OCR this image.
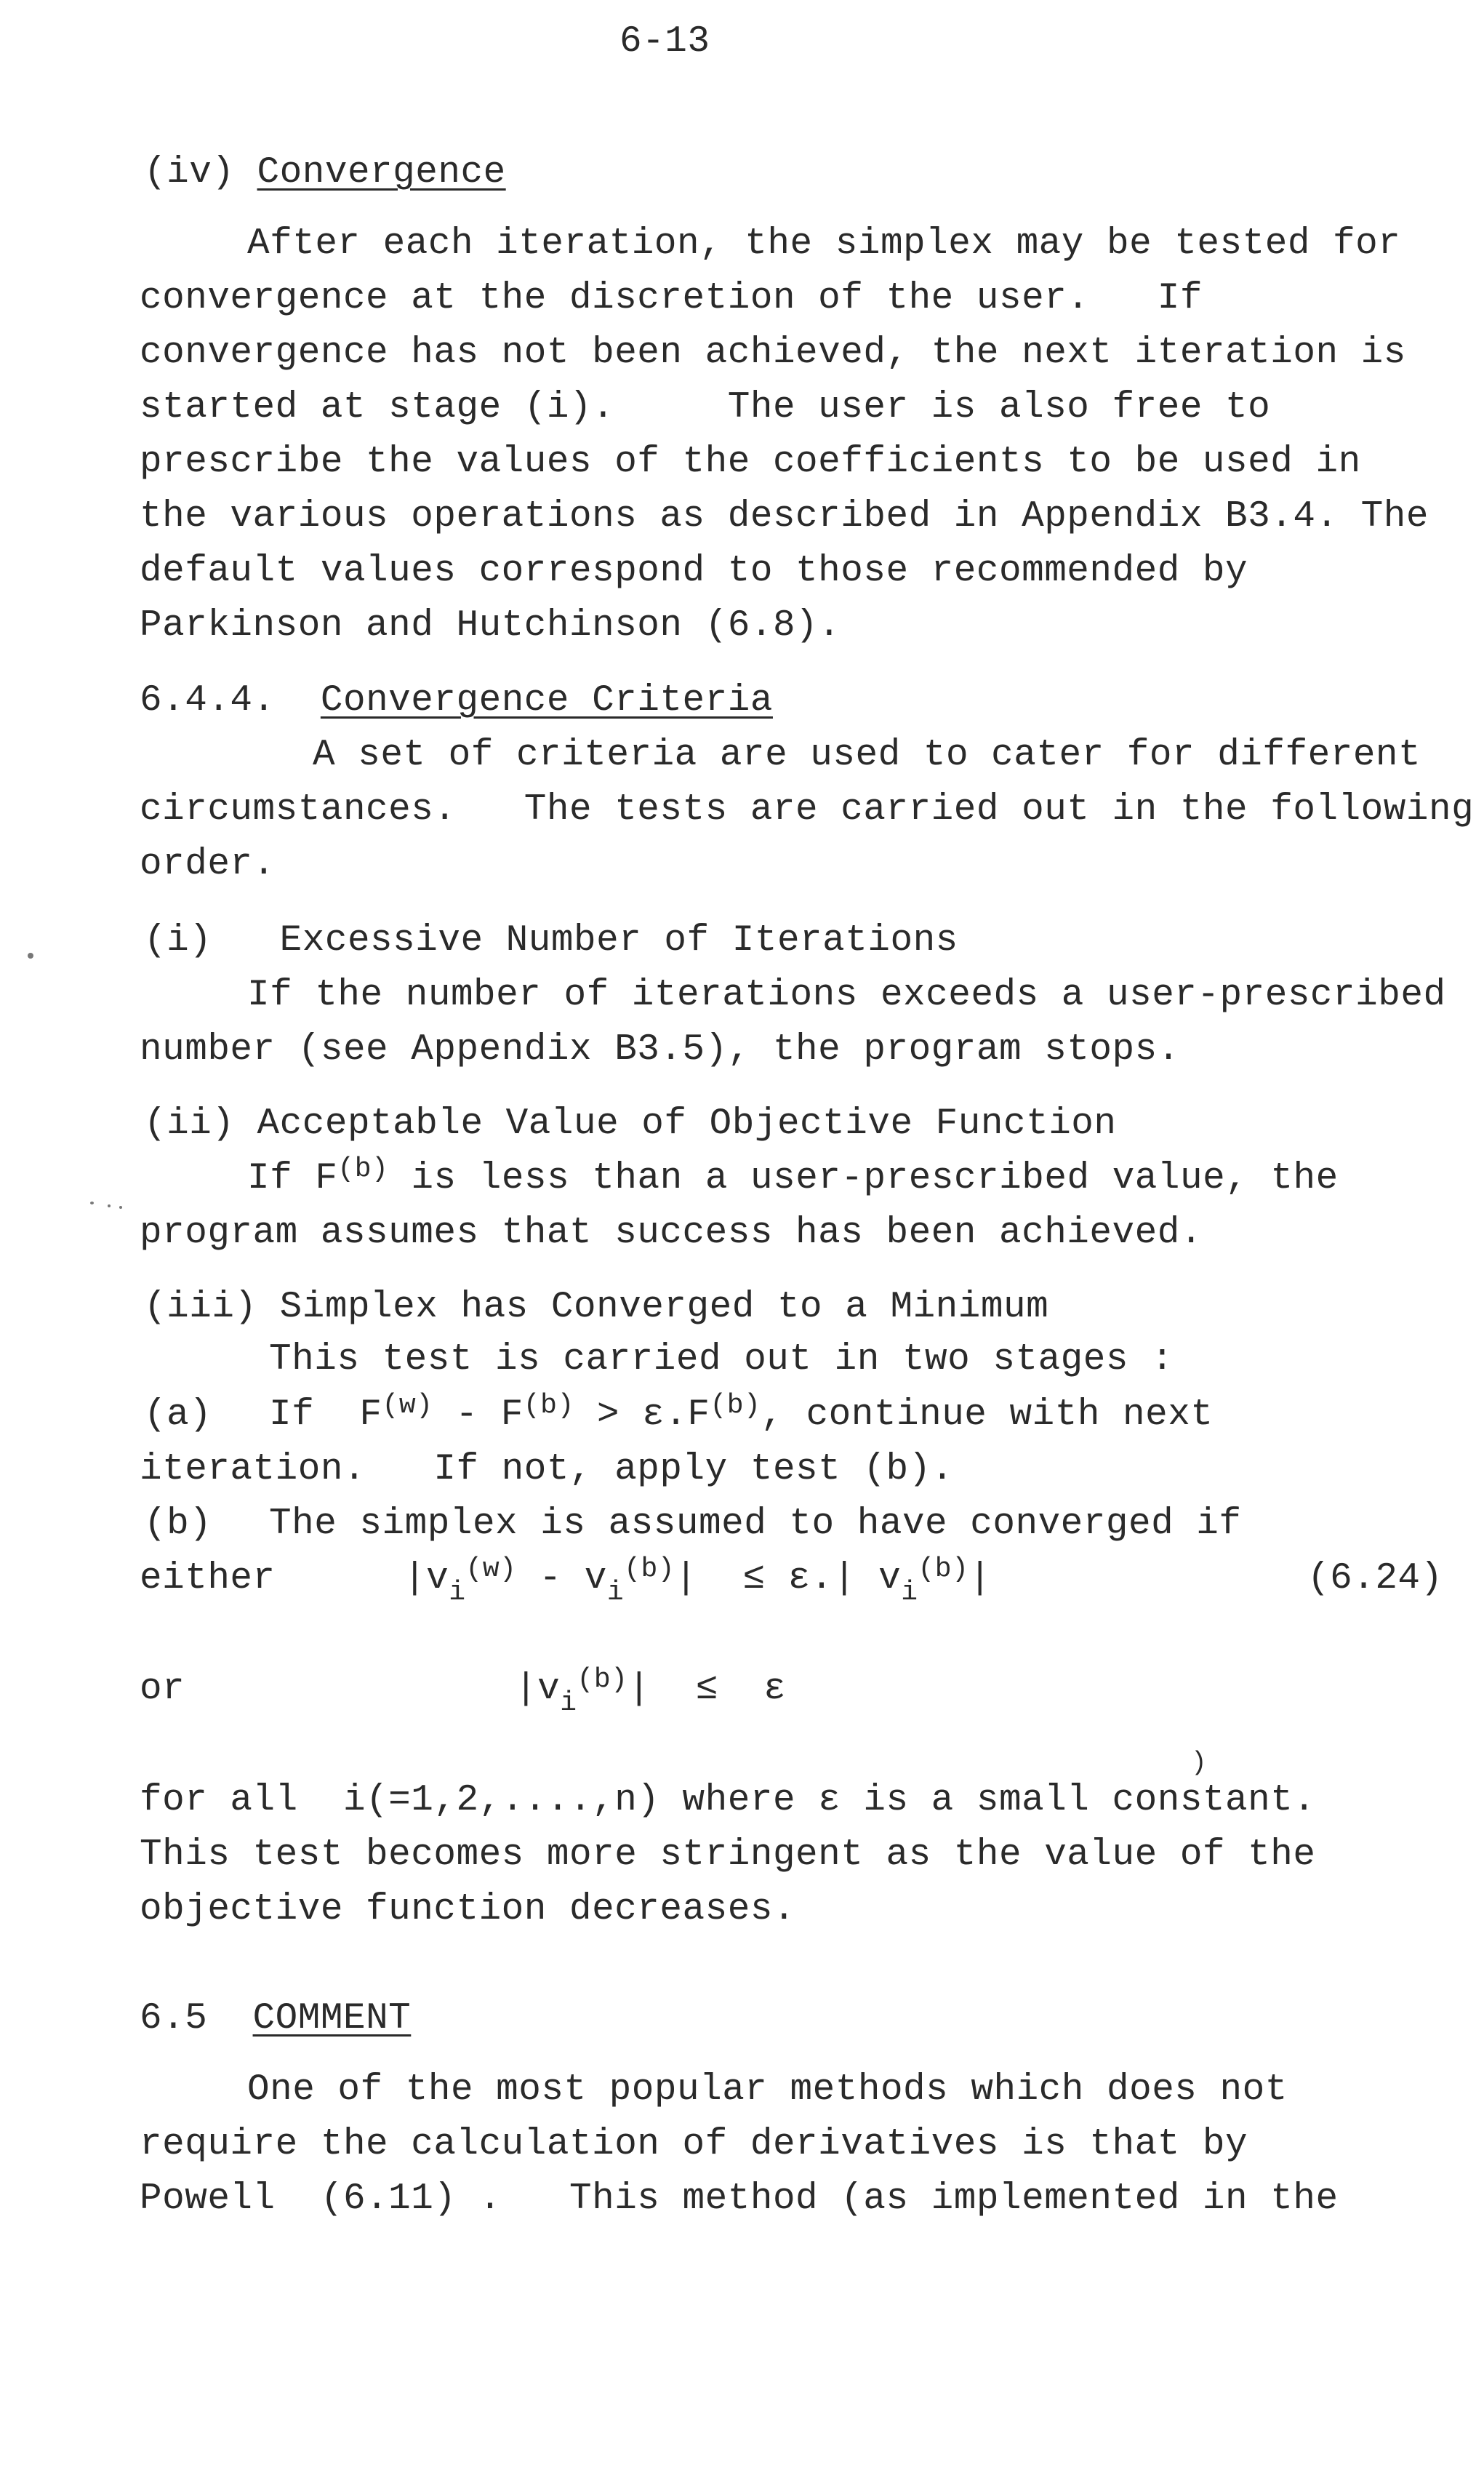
6-13
(iv) Convergence
After each iteration, the simplex may be tested for
convergence at the discretion of the user.   If
convergence has not been achieved, the next iteration is
started at stage (i).     The user is also free to
prescribe the values of the coefficients to be used in
the various operations as described in Appendix B3.4. The
default values correspond to those recommended by
Parkinson and Hutchinson (6.8).
6.4.4. Convergence Criteria
A set of criteria are used to cater for different
circumstances.   The tests are carried out in the following
order.
(i)   Excessive Number of Iterations
If the number of iterations exceeds a user-prescribed
number (see Appendix B3.5), the program stops.
(ii) Acceptable Value of Objective Function
If $F^{(b)}$ is less than a user-prescribed value, the
program assumes that success has been achieved.
(iii) Simplex has Converged to a Minimum
This test is carried out in two stages :
(a) If  $F^{(w)} - F^{(b)} > \varepsilon.F^{(b)}$, continue with next
iteration.   If not, apply test (b).
(b) The simplex is assumed to have converged if
either	$|v_i^{(w)} - v_i^{(b)}| \le \varepsilon.|$ $v_i^{(b)}|$	(6.24)
or	$|v_i^{(b)}| \le \varepsilon$
)
for all  i(=1,2,....,n) where ε is a small constant.
This test becomes more stringent as the value of the
objective function decreases.
6.5 COMMENT
One of the most popular methods which does not
require the calculation of derivatives is that by
Powell  (6.11) .   This method (as implemented in the
